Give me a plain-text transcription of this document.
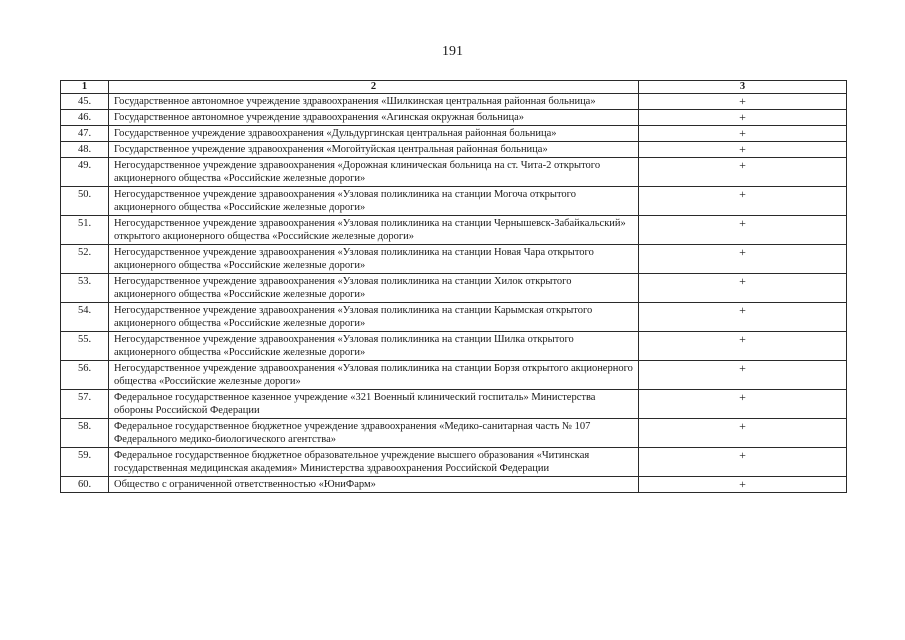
191
1	2	3
45.	Государственное автономное учреждение здравоохранения «Шилкинская центральная районная больница»	+
46.	Государственное автономное учреждение здравоохранения «Агинская окружная больница»	+
47.	Государственное учреждение здравоохранения «Дульдургинская центральная районная больница»	+
48.	Государственное учреждение здравоохранения «Могойтуйская центральная районная больница»	+
49.	Негосударственное учреждение здравоохранения «Дорожная клиническая больница на ст. Чита-2 открытого акционерного общества «Российские железные дороги»	+
50.	Негосударственное учреждение здравоохранения «Узловая поликлиника на станции Могоча открытого акционерного общества «Российские железные дороги»	+
51.	Негосударственное учреждение здравоохранения «Узловая поликлиника на станции Чернышевск-Забайкальский» открытого акционерного общества «Российские железные дороги»	+
52.	Негосударственное учреждение здравоохранения «Узловая поликлиника на станции Новая Чара открытого акционерного общества «Российские железные дороги»	+
53.	Негосударственное учреждение здравоохранения «Узловая поликлиника на станции Хилок открытого акционерного общества «Российские железные дороги»	+
54.	Негосударственное учреждение здравоохранения «Узловая поликлиника на станции Карымская открытого акционерного общества «Российские железные дороги»	+
55.	Негосударственное учреждение здравоохранения «Узловая поликлиника на станции Шилка открытого акционерного общества «Российские железные дороги»	+
56.	Негосударственное учреждение здравоохранения «Узловая поликлиника на станции Борзя открытого акционерного общества «Российские железные дороги»	+
57.	Федеральное государственное казенное учреждение «321 Военный клинический госпиталь» Министерства обороны Российской Федерации	+
58.	Федеральное государственное бюджетное учреждение здравоохранения «Медико-санитарная часть № 107 Федерального медико-биологического агентства»	+
59.	Федеральное государственное бюджетное образовательное учреждение высшего образования «Читинская государственная медицинская академия» Министерства здравоохранения Российской Федерации	+
60.	Общество с ограниченной ответственностью «ЮниФарм»	+
